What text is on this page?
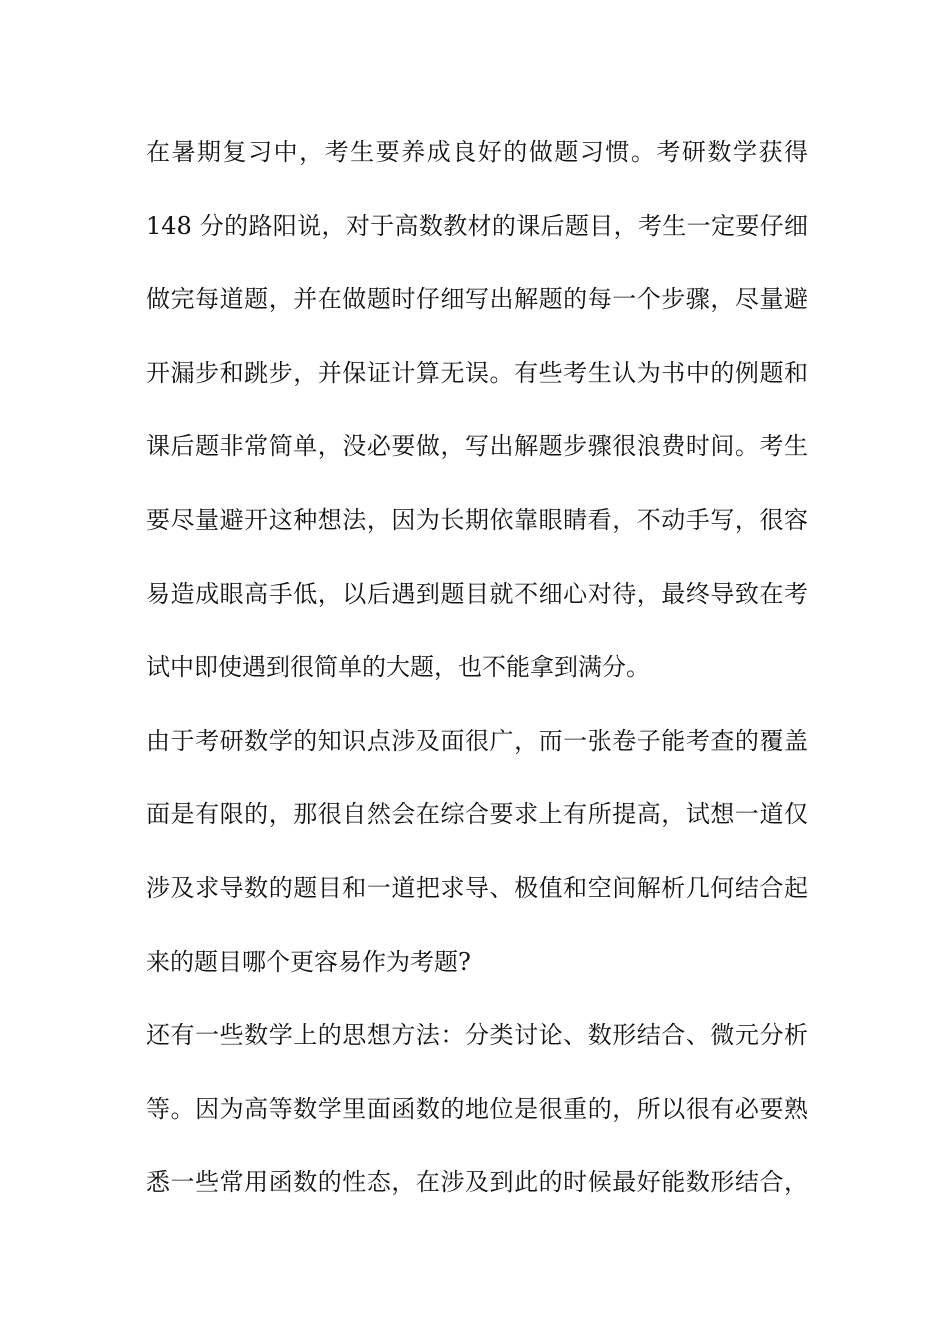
在暑期复习中，考生要养成良好的做题习惯。考研数学获得
148 分的路阳说，对于高数教材的课后题目，考生一定要仔细
做完每道题，并在做题时仔细写出解题的每一个步骤，尽量避
开漏步和跳步，并保证计算无误。有些考生认为书中的例题和
课后题非常简单，没必要做，写出解题步骤很浪费时间。考生
要尽量避开这种想法，因为长期依靠眼睛看，不动手写，很容
易造成眼高手低，以后遇到题目就不细心对待，最终导致在考
试中即使遇到很简单的大题，也不能拿到满分。
由于考研数学的知识点涉及面很广，而一张卷子能考查的覆盖
面是有限的，那很自然会在综合要求上有所提高，试想一道仅
涉及求导数的题目和一道把求导、极值和空间解析几何结合起
来的题目哪个更容易作为考题?
还有一些数学上的思想方法：分类讨论、数形结合、微元分析
等。因为高等数学里面函数的地位是很重的，所以很有必要熟
悉一些常用函数的性态，在涉及到此的时候最好能数形结合，
